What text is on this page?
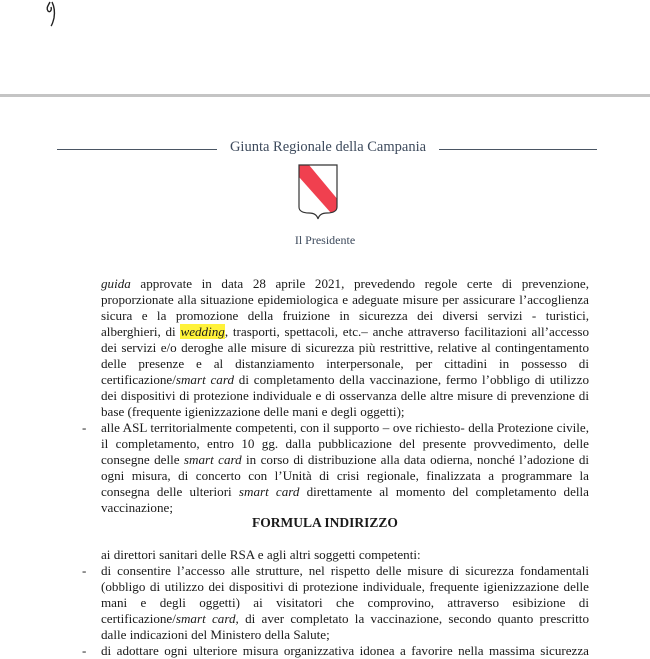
Giunta Regionale della Campania
Il Presidente
guida approvate in data 28 aprile 2021, prevedendo regole certe di prevenzione,
proporzionate alla situazione epidemiologica e adeguate misure per assicurare l’accoglienza
sicura e la promozione della fruizione in sicurezza dei diversi servizi - turistici,
alberghieri, di wedding, trasporti, spettacoli, etc.– anche attraverso facilitazioni all’accesso
dei servizi e/o deroghe alle misure di sicurezza più restrittive, relative al contingentamento
delle presenze e al distanziamento interpersonale, per cittadini in possesso di
certificazione/smart card di completamento della vaccinazione, fermo l’obbligo di utilizzo
dei dispositivi di protezione individuale e di osservanza delle altre misure di prevenzione di
base (frequente igienizzazione delle mani e degli oggetti);
- alle ASL territorialmente competenti, con il supporto – ove richiesto- della Protezione civile,
il completamento, entro 10 gg. dalla pubblicazione del presente provvedimento, delle
consegne delle smart card in corso di distribuzione alla data odierna, nonché l’adozione di
ogni misura, di concerto con l’Unità di crisi regionale, finalizzata a programmare la
consegna delle ulteriori smart card direttamente al momento del completamento della
vaccinazione;
FORMULA INDIRIZZO
ai direttori sanitari delle RSA e agli altri soggetti competenti:
- di consentire l’accesso alle strutture, nel rispetto delle misure di sicurezza fondamentali
(obbligo di utilizzo dei dispositivi di protezione individuale, frequente igienizzazione delle
mani e degli oggetti) ai visitatori che comprovino, attraverso esibizione di
certificazione/smart card, di aver completato la vaccinazione, secondo quanto prescritto
dalle indicazioni del Ministero della Salute;
- di adottare ogni ulteriore misura organizzativa idonea a favorire nella massima sicurezza
